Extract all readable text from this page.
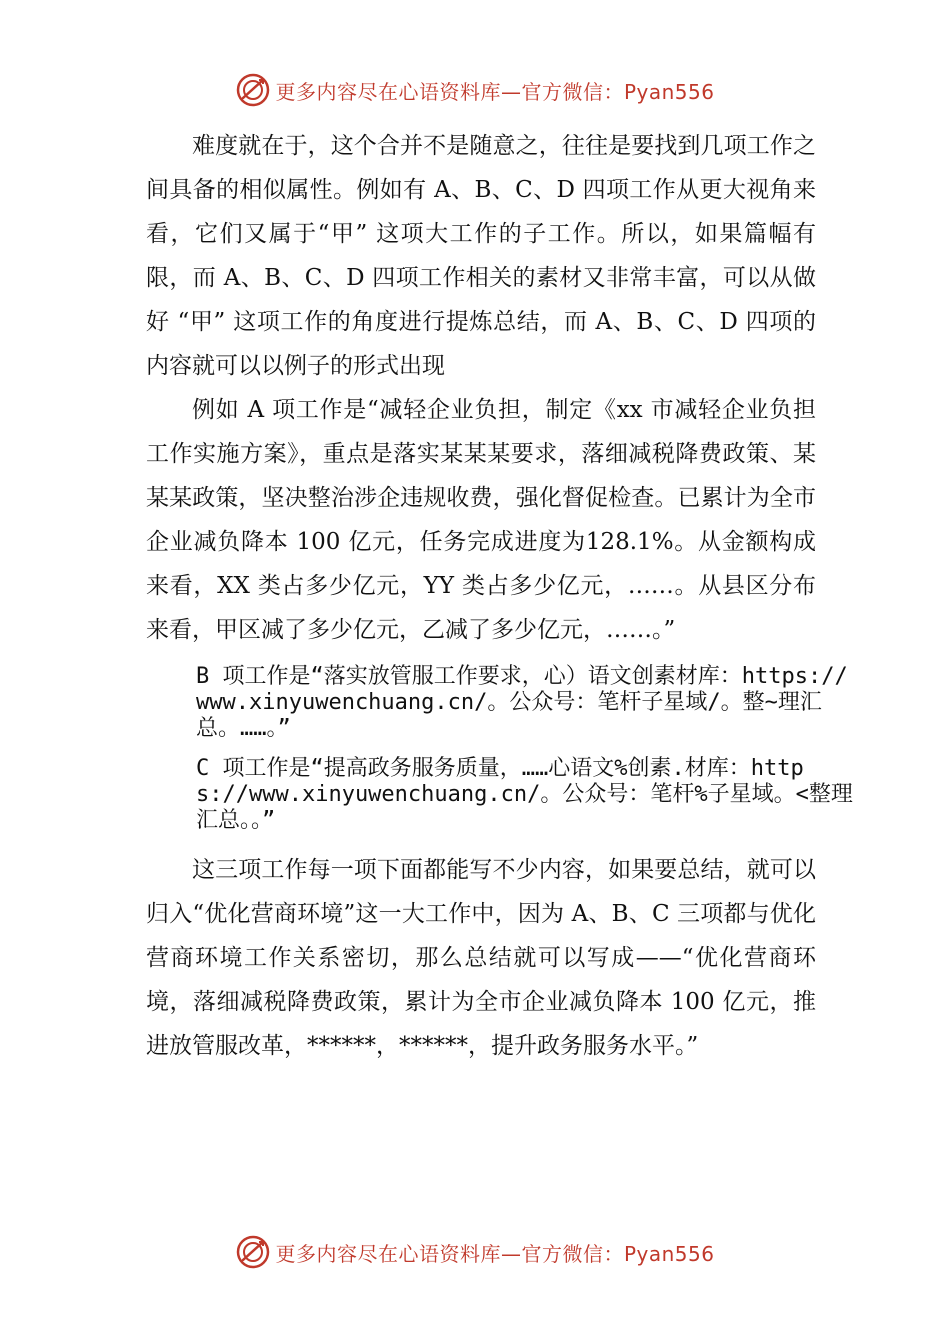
更多内容尽在心语资料库—官方微信：Pyan556

难度就在于，这个合并不是随意之，往往是要找到几项工作之间具备的相似属性。例如有 A、B、C、D 四项工作从更大视角来看，它们又属于“甲” 这项大工作的子工作。所以，如果篇幅有限，而 A、B、C、D 四项工作相关的素材又非常丰富，可以从做好 “甲” 这项工作的角度进行提炼总结，而 A、B、C、D 四项的内容就可以以例子的形式出现

例如 A 项工作是“减轻企业负担，制定《xx 市减轻企业负担工作实施方案》，重点是落实某某某要求，落细减税降费政策、某某某政策，坚决整治涉企违规收费，强化督促检查。已累计为全市企业减负降本 100 亿元，任务完成进度为128.1%。从金额构成来看，XX 类占多少亿元，YY 类占多少亿元，……。从县区分布来看，甲区减了多少亿元，乙减了多少亿元，……。”

B 项工作是“落实放管服工作要求，心）语文创素材库：https://www.xinyuwenchuang.cn/。公众号：笔杆子星域/。整~理汇总。……。”

C 项工作是“提高政务服务质量，……心语文%创素.材库：https://www.xinyuwenchuang.cn/。公众号：笔杆%子星域。<整理汇总。。”

这三项工作每一项下面都能写不少内容，如果要总结，就可以归入“优化营商环境”这一大工作中，因为 A、B、C 三项都与优化营商环境工作关系密切，那么总结就可以写成——“优化营商环境，落细减税降费政策，累计为全市企业减负降本 100 亿元，推进放管服改革，******，******，提升政务服务水平。”

更多内容尽在心语资料库—官方微信：Pyan556
